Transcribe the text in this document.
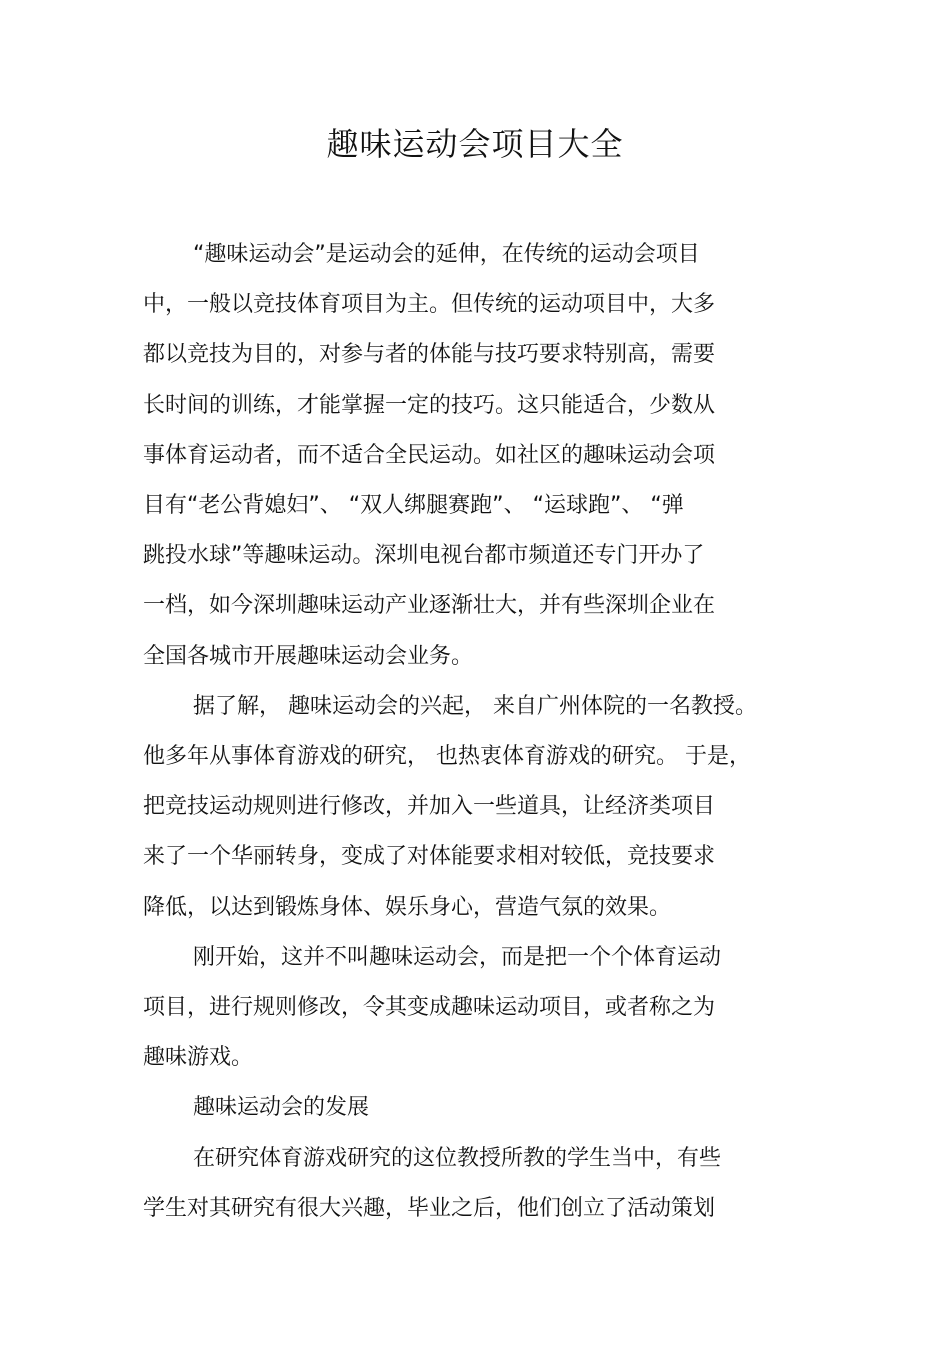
趣味运动会项目大全
“趣味运动会”是运动会的延伸，在传统的运动会项目
中，一般以竞技体育项目为主。但传统的运动项目中，大多
都以竞技为目的，对参与者的体能与技巧要求特别高，需要
长时间的训练，才能掌握一定的技巧。这只能适合，少数从
事体育运动者，而不适合全民运动。如社区的趣味运动会项
目有“老公背媳妇”、 “双人绑腿赛跑”、 “运球跑”、 “弹
跳投水球”等趣味运动。深圳电视台都市频道还专门开办了
一档，如今深圳趣味运动产业逐渐壮大，并有些深圳企业在
全国各城市开展趣味运动会业务。
据了解， 趣味运动会的兴起， 来自广州体院的一名教授。
他多年从事体育游戏的研究， 也热衷体育游戏的研究。 于是，
把竞技运动规则进行修改，并加入一些道具，让经济类项目
来了一个华丽转身，变成了对体能要求相对较低，竞技要求
降低，以达到锻炼身体、娱乐身心，营造气氛的效果。
刚开始，这并不叫趣味运动会，而是把一个个体育运动
项目，进行规则修改，令其变成趣味运动项目，或者称之为
趣味游戏。
趣味运动会的发展
在研究体育游戏研究的这位教授所教的学生当中，有些
学生对其研究有很大兴趣，毕业之后，他们创立了活动策划
